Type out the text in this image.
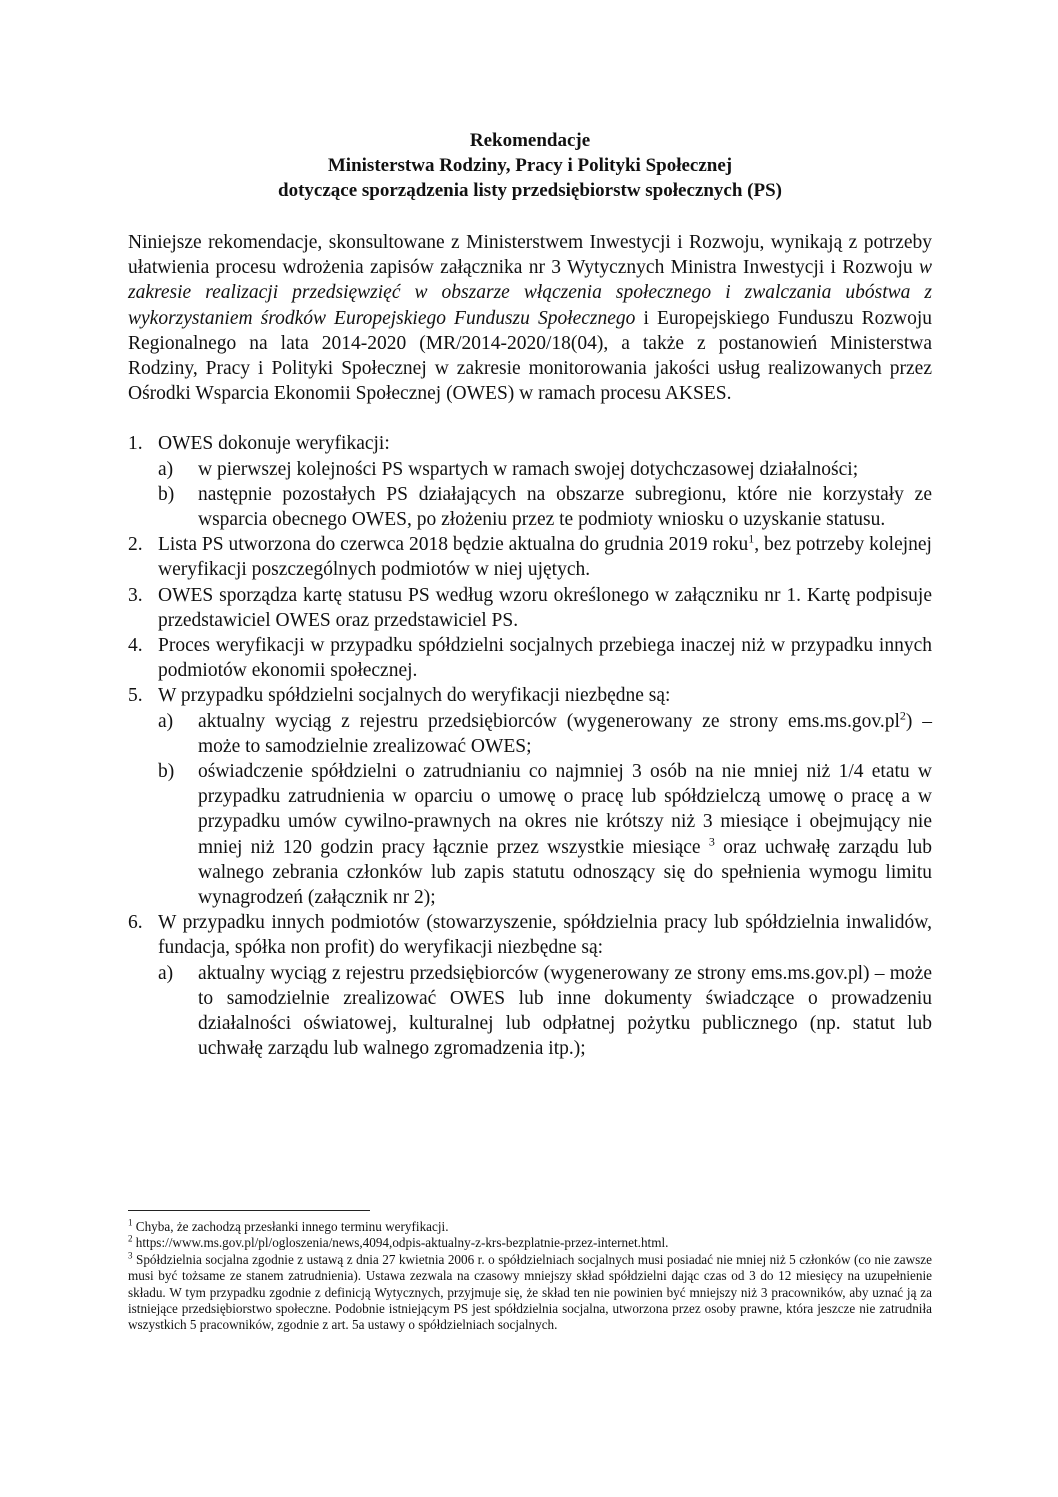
Rekomendacje
Ministerstwa Rodziny, Pracy i Polityki Społecznej
dotyczące sporządzenia listy przedsiębiorstw społecznych (PS)

Niniejsze rekomendacje, skonsultowane z Ministerstwem Inwestycji i Rozwoju, wynikają z potrzeby ułatwienia procesu wdrożenia zapisów załącznika nr 3 Wytycznych Ministra Inwestycji i Rozwoju w zakresie realizacji przedsięwzięć w obszarze włączenia społecznego i zwalczania ubóstwa z wykorzystaniem środków Europejskiego Funduszu Społecznego i Europejskiego Funduszu Rozwoju Regionalnego na lata 2014-2020 (MR/2014-2020/18(04), a także z postanowień Ministerstwa Rodziny, Pracy i Polityki Społecznej w zakresie monitorowania jakości usług realizowanych przez Ośrodki Wsparcia Ekonomii Społecznej (OWES) w ramach procesu AKSES.

1. OWES dokonuje weryfikacji:
a) w pierwszej kolejności PS wspartych w ramach swojej dotychczasowej działalności;
b) następnie pozostałych PS działających na obszarze subregionu, które nie korzystały ze wsparcia obecnego OWES, po złożeniu przez te podmioty wniosku o uzyskanie statusu.
2. Lista PS utworzona do czerwca 2018 będzie aktualna do grudnia 2019 roku$^1$, bez potrzeby kolejnej weryfikacji poszczególnych podmiotów w niej ujętych.
3. OWES sporządza kartę statusu PS według wzoru określonego w załączniku nr 1. Kartę podpisuje przedstawiciel OWES oraz przedstawiciel PS.
4. Proces weryfikacji w przypadku spółdzielni socjalnych przebiega inaczej niż w przypadku innych podmiotów ekonomii społecznej.
5. W przypadku spółdzielni socjalnych do weryfikacji niezbędne są:
a) aktualny wyciąg z rejestru przedsiębiorców (wygenerowany ze strony $ems.ms.gov.pl^2$) – może to samodzielnie zrealizować OWES;
b) oświadczenie spółdzielni o zatrudnianiu co najmniej 3 osób na nie mniej niż 1/4 etatu w przypadku zatrudnienia w oparciu o umowę o pracę lub spółdzielczą umowę o pracę a w przypadku umów cywilno-prawnych na okres nie krótszy niż 3 miesiące i obejmujący nie mniej niż 120 godzin pracy łącznie przez wszystkie miesiące $^3$ oraz uchwałę zarządu lub walnego zebrania członków lub zapis statutu odnoszący się do spełnienia wymogu limitu wynagrodzeń (załącznik nr 2);
6. W przypadku innych podmiotów (stowarzyszenie, spółdzielnia pracy lub spółdzielnia inwalidów, fundacja, spółka non profit) do weryfikacji niezbędne są:
a) aktualny wyciąg z rejestru przedsiębiorców (wygenerowany ze strony ems.ms.gov.pl) – może to samodzielnie zrealizować OWES lub inne dokumenty świadczące o prowadzeniu działalności oświatowej, kulturalnej lub odpłatnej pożytku publicznego (np. statut lub uchwałę zarządu lub walnego zgromadzenia itp.);
$^1$ Chyba, że zachodzą przesłanki innego terminu weryfikacji.
$^2$ https://www.ms.gov.pl/pl/ogloszenia/news,4094,odpis-aktualny-z-krs-bezplatnie-przez-internet.html.
$^3$ Spółdzielnia socjalna zgodnie z ustawą z dnia 27 kwietnia 2006 r. o spółdzielniach socjalnych musi posiadać nie mniej niż 5 członków (co nie zawsze musi być tożsame ze stanem zatrudnienia). Ustawa zezwala na czasowy mniejszy skład spółdzielni dając czas od 3 do 12 miesięcy na uzupełnienie składu. W tym przypadku zgodnie z definicją Wytycznych, przyjmuje się, że skład ten nie powinien być mniejszy niż 3 pracowników, aby uznać ją za istniejące przedsiębiorstwo społeczne. Podobnie istniejącym PS jest spółdzielnia socjalna, utworzona przez osoby prawne, która jeszcze nie zatrudniła wszystkich 5 pracowników, zgodnie z art. 5a ustawy o spółdzielniach socjalnych.
